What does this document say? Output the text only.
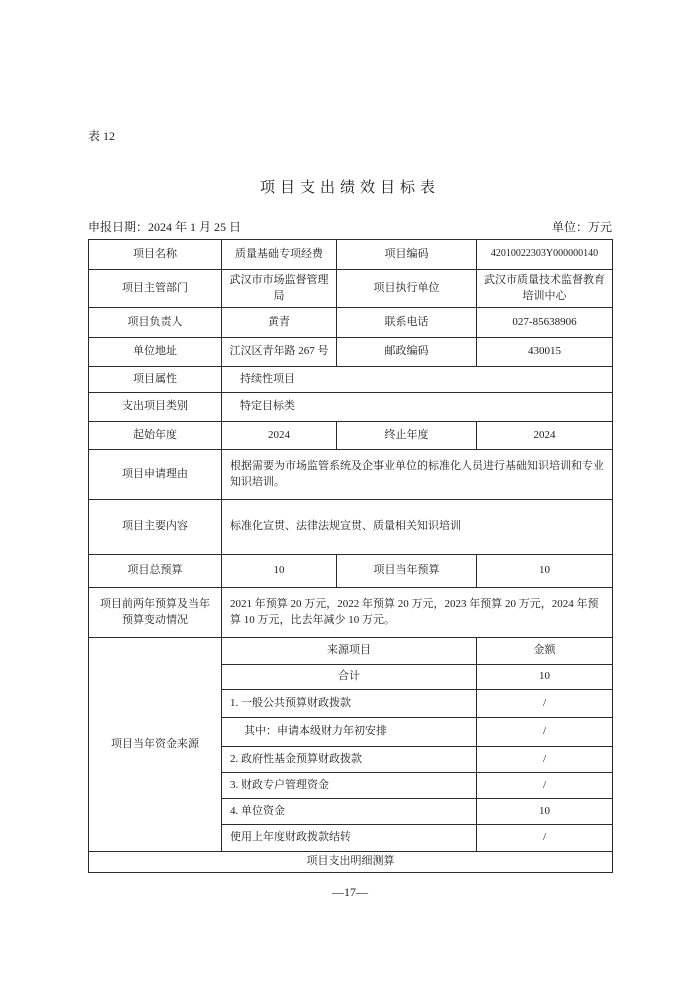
表 12
项目支出绩效目标表
申报日期：2024 年 1 月 25 日	单位：万元
项目名称	质量基础专项经费	项目编码	42010022303Y000000140
项目主管部门	武汉市市场监督管理局	项目执行单位	武汉市质量技术监督教育培训中心
项目负责人	黄青	联系电话	027-85638906
单位地址	江汉区青年路 267 号	邮政编码	430015
项目属性	持续性项目		
支出项目类别	特定目标类		
起始年度	2024	终止年度	2024
项目申请理由	根据需要为市场监管系统及企事业单位的标准化人员进行基础知识培训和专业知识培训。		
项目主要内容	标准化宣贯、法律法规宣贯、质量相关知识培训		
项目总预算	10	项目当年预算	10
项目前两年预算及当年预算变动情况	2021 年预算 20 万元，2022 年预算 20 万元，2023 年预算 20 万元，2024 年预算 10 万元，比去年减少 10 万元。		
项目当年资金来源	来源项目		金额
	合计		10
	1. 一般公共预算财政拨款		/
	其中：申请本级财力年初安排		/
	2. 政府性基金预算财政拨款		/
	3. 财政专户管理资金		/
	4. 单位资金		10
	使用上年度财政拨款结转		/
项目支出明细测算			
—17—
